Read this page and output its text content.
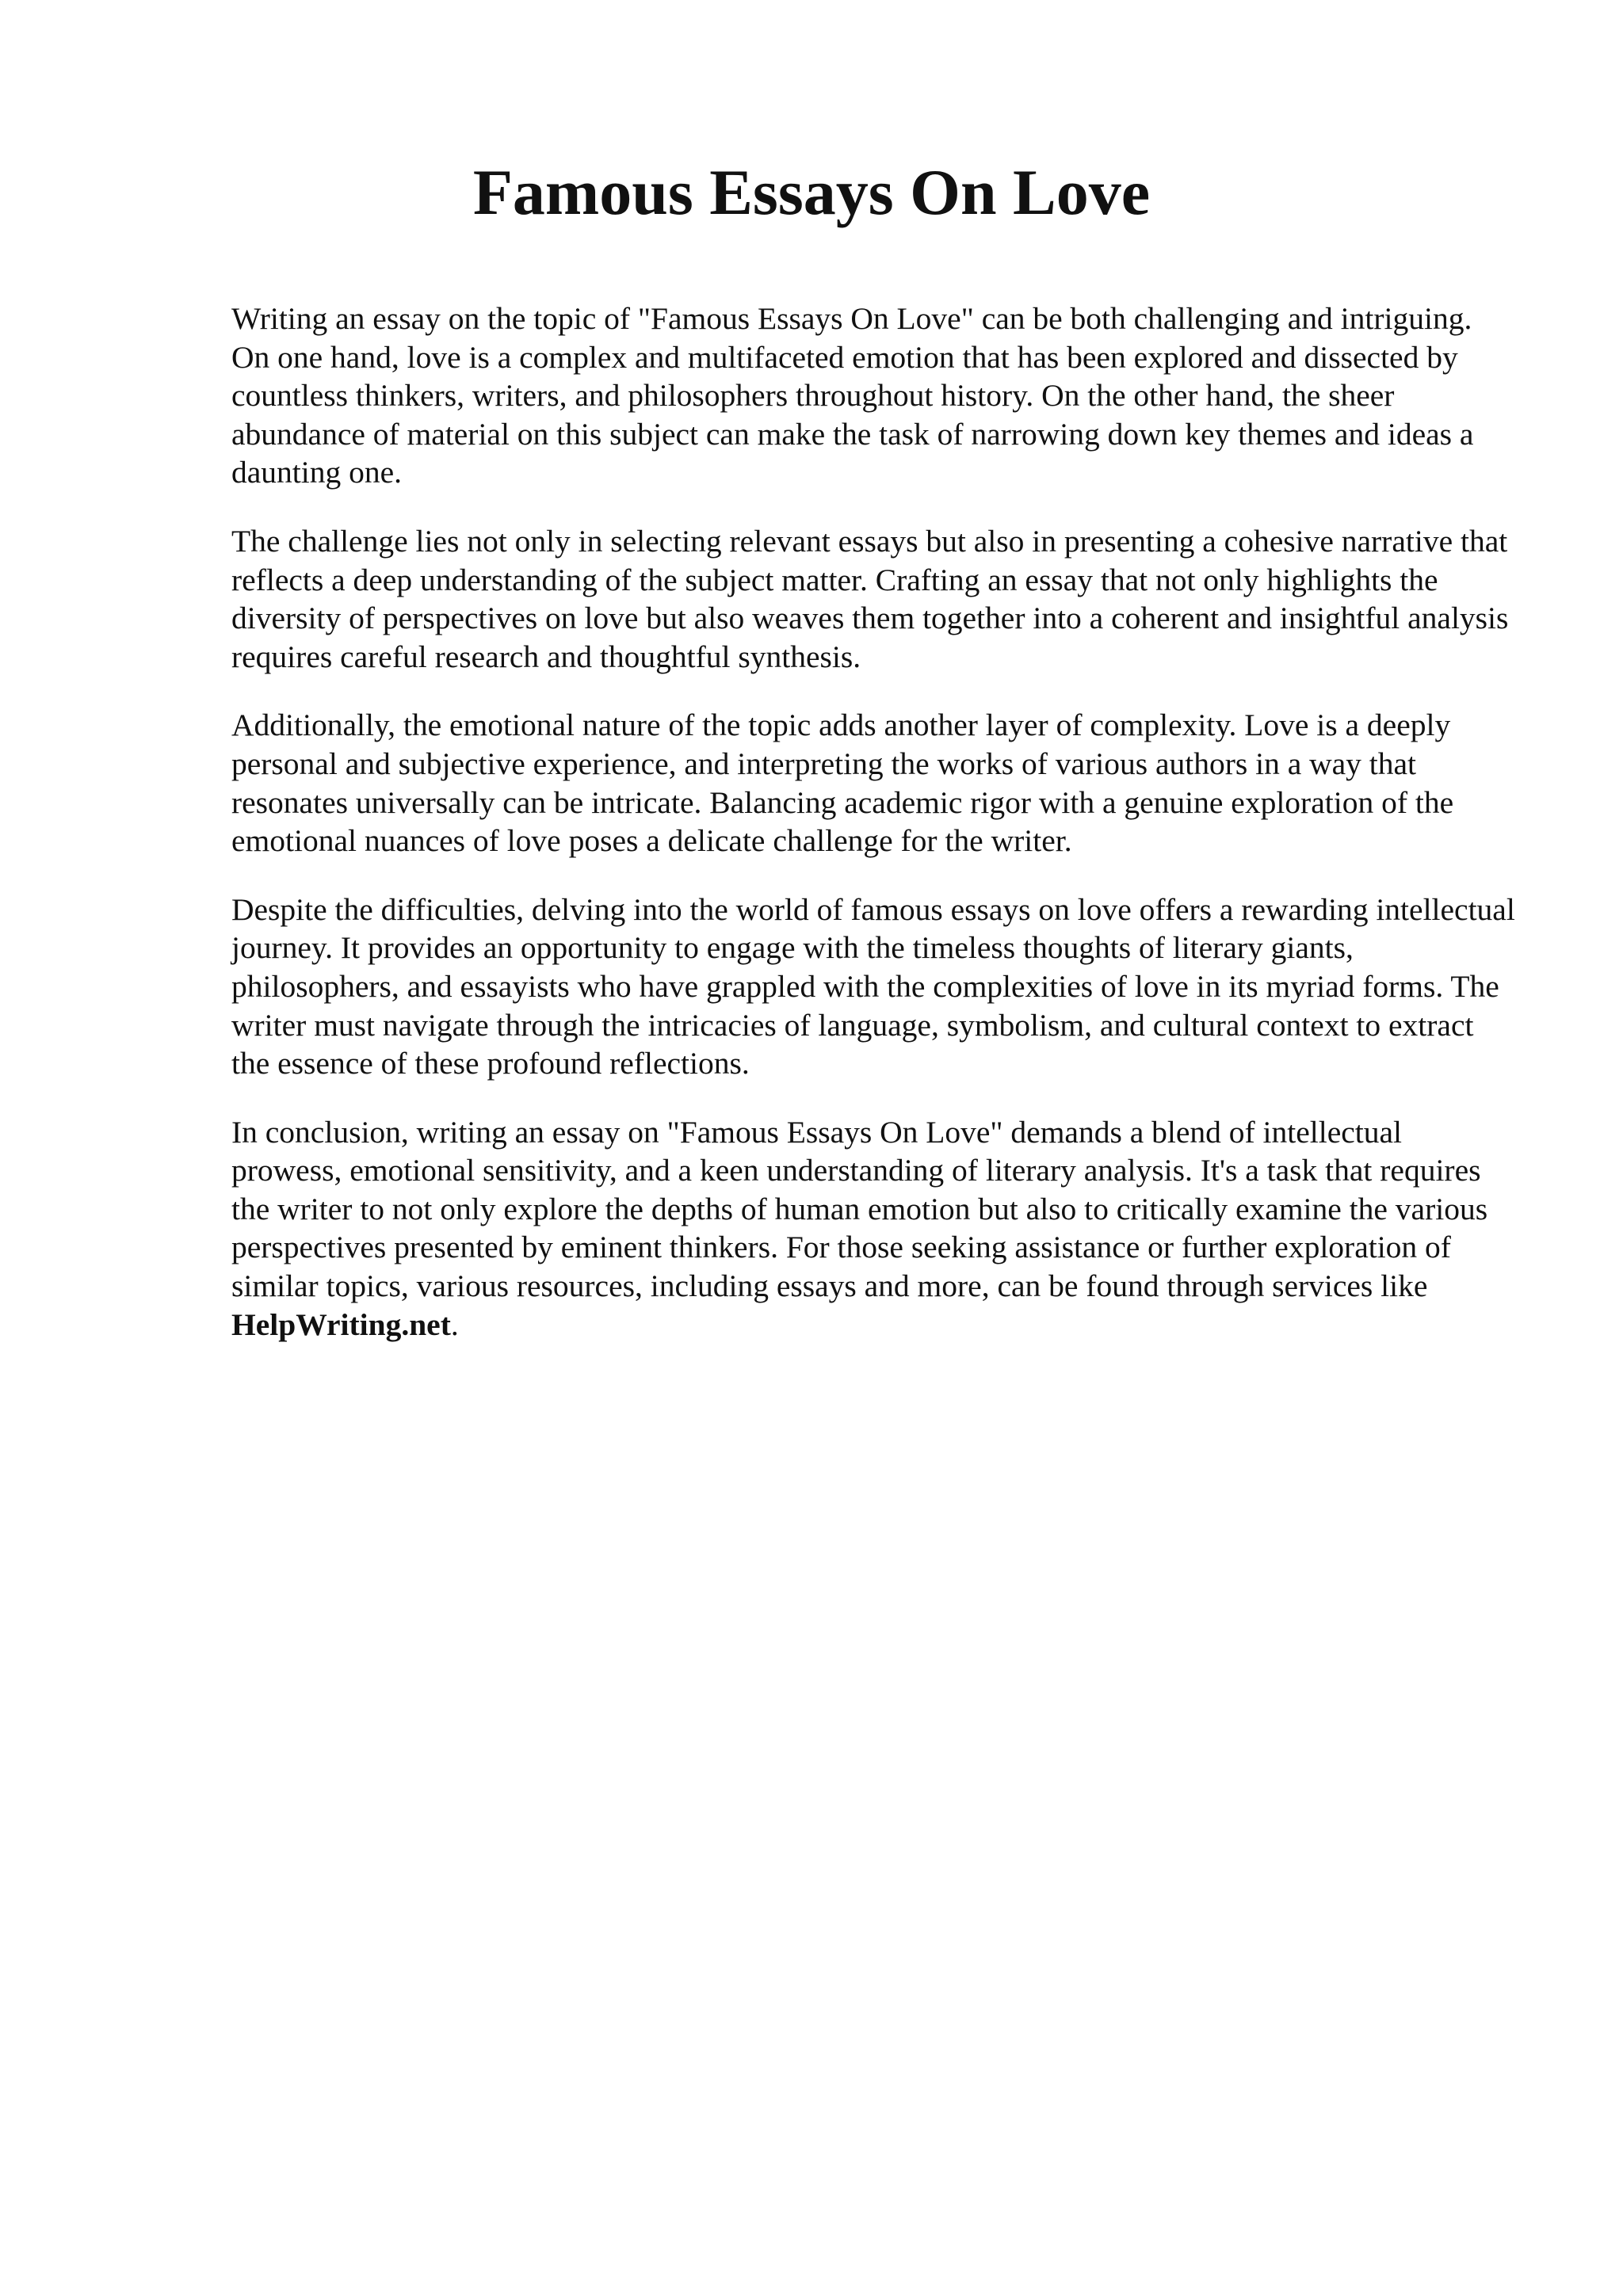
Famous Essays On Love

Writing an essay on the topic of "Famous Essays On Love" can be both challenging and intriguing. On one hand, love is a complex and multifaceted emotion that has been explored and dissected by countless thinkers, writers, and philosophers throughout history. On the other hand, the sheer abundance of material on this subject can make the task of narrowing down key themes and ideas a daunting one.

The challenge lies not only in selecting relevant essays but also in presenting a cohesive narrative that reflects a deep understanding of the subject matter. Crafting an essay that not only highlights the diversity of perspectives on love but also weaves them together into a coherent and insightful analysis requires careful research and thoughtful synthesis.

Additionally, the emotional nature of the topic adds another layer of complexity. Love is a deeply personal and subjective experience, and interpreting the works of various authors in a way that resonates universally can be intricate. Balancing academic rigor with a genuine exploration of the emotional nuances of love poses a delicate challenge for the writer.

Despite the difficulties, delving into the world of famous essays on love offers a rewarding intellectual journey. It provides an opportunity to engage with the timeless thoughts of literary giants, philosophers, and essayists who have grappled with the complexities of love in its myriad forms. The writer must navigate through the intricacies of language, symbolism, and cultural context to extract the essence of these profound reflections.

In conclusion, writing an essay on "Famous Essays On Love" demands a blend of intellectual prowess, emotional sensitivity, and a keen understanding of literary analysis. It's a task that requires the writer to not only explore the depths of human emotion but also to critically examine the various perspectives presented by eminent thinkers. For those seeking assistance or further exploration of similar topics, various resources, including essays and more, can be found through services like HelpWriting.net.
